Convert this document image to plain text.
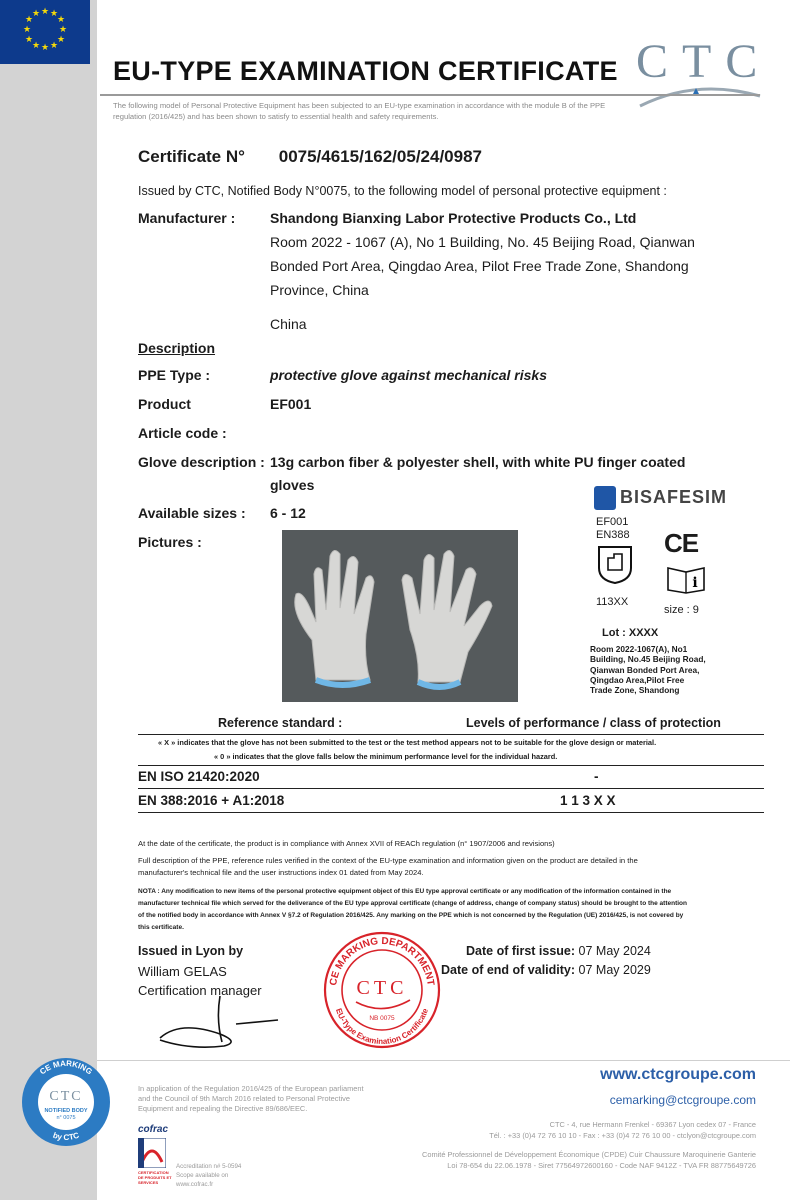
★ ★
★
★
★
★
★
★
★
★
★
★
EU-TYPE EXAMINATION CERTIFICATE CTC
The following model of Personal Protective Equipment has been subjected to an EU-type examination in accordance with the module B of the PPE regulation (2016/425) and has been shown to satisfy to essential health and safety requirements.
Certificate N° 0075/4615/162/05/24/0987
Issued by CTC, Notified Body N°0075, to the following model of personal protective equipment :
Manufacturer : Shandong Bianxing Labor Protective Products Co., Ltd
Room 2022 - 1067 (A), No 1 Building, No. 45 Beijing Road, Qianwan
Bonded Port Area, Qingdao Area, Pilot Free Trade Zone, Shandong
Province, China
China
Description
PPE Type :	protective glove against mechanical risks
Product	EF001
Article code :
Glove description : 13g carbon fiber & polyester shell, with white PU finger coated
gloves
Available sizes : 6 - 12
Pictures :
BISAFESIM
EF001
EN388 CE
i
113XX
size : 9
Lot : XXXX
Room 2022-1067(A), No1
Building, No.45 Beijing Road,
Qianwan Bonded Port Area,
Qingdao Area,Pilot Free
Trade Zone, Shandong
Reference standard :	Levels of performance / class of protection
« X » indicates that the glove has not been submitted to the test or the test method appears not to be suitable for the glove design or material.
« 0 » indicates that the glove falls below the minimum performance level for the individual hazard.
EN ISO 21420:2020	-
EN 388:2016 + A1:2018	1 1 3 X X
At the date of the certificate, the product is in compliance with Annex XVII of REACh regulation (n° 1907/2006 and revisions)
Full description of the PPE, reference rules verified in the context of the EU-type examination and information given on the product are detailed in the
manufacturer's technical file and the user instructions index 01 dated from May 2024.
NOTA : Any modification to new items of the personal protective equipment object of this EU type approval certificate or any modification of the information contained in the
manufacturer technical file which served for the deliverance of the EU type approval certificate (change of address, change of company status) should be brought to the attention
of the notified body in accordance with Annex V §7.2 of Regulation 2016/425. Any marking on the PPE which is not concerned by the Regulation (UE) 2016/425, is not covered by
this certificate.
Issued in Lyon by
William GELAS
Certification manager
Date of first issue: 07 May 2024
Date of end of validity: 07 May 2029
CE MARKING DEPARTMENT
EU-Type Examination Certificate
CTC
NB 0075
CE MARKING
by CTC
CTC
NOTIFIED BODY
n° 0075
In application of the Regulation 2016/425 of the European parliament
and the Council of 9th March 2016 related to Personal Protective
Equipment and repealing the Directive 89/686/EEC.
www.ctcgroupe.com
cemarking@ctcgroupe.com
CTC - 4, rue Hermann Frenkel - 69367 Lyon cedex 07 - France
Tél. : +33 (0)4 72 76 10 10 - Fax : +33 (0)4 72 76 10 00 - ctclyon@ctcgroupe.com
Comité Professionnel de Développement Économique (CPDE) Cuir Chaussure Maroquinerie Ganterie
Loi 78-654 du 22.06.1978 - Siret 77564972600160 - Code NAF 9412Z - TVA FR 88775649726
cofrac
CERTIFICATION DE PRODUITS ET SERVICES
Accreditation n# 5-0594
Scope available on
www.cofrac.fr
